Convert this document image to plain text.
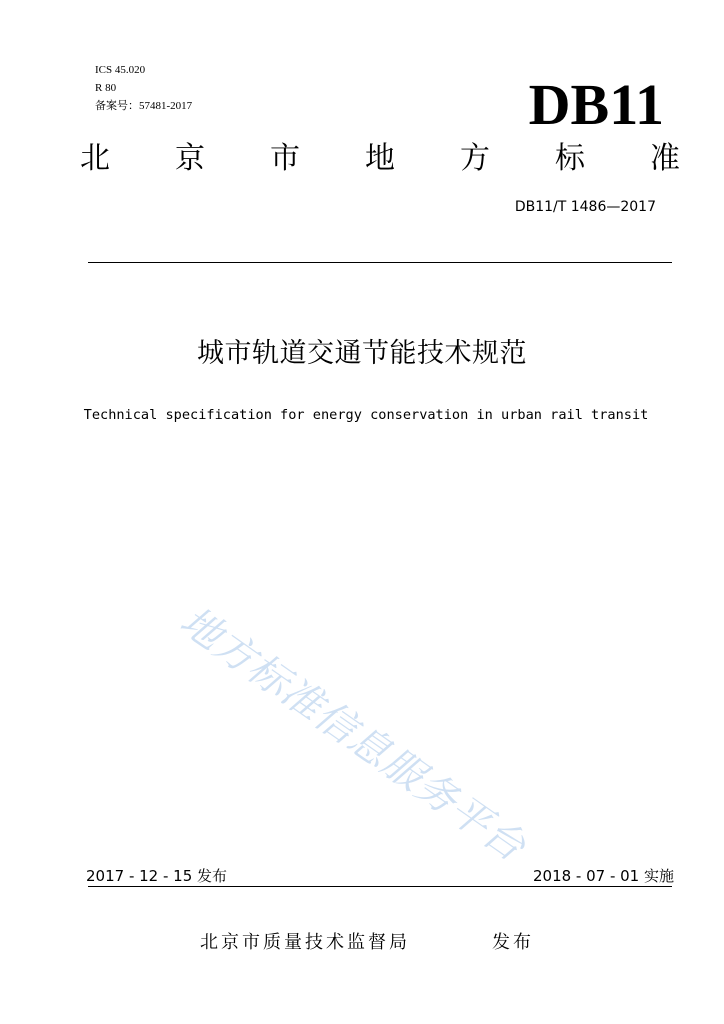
ICS 45.020
R 80
备案号：57481-2017	DB11
北 京 市 地 方 标 准
DB11/T 1486—2017
城市轨道交通节能技术规范
Technical specification for energy conservation in urban rail transit
地方标准信息服务平台
2017 - 12 - 15 发布	2018 - 07 - 01 实施
北京市质量技术监督局	发布
